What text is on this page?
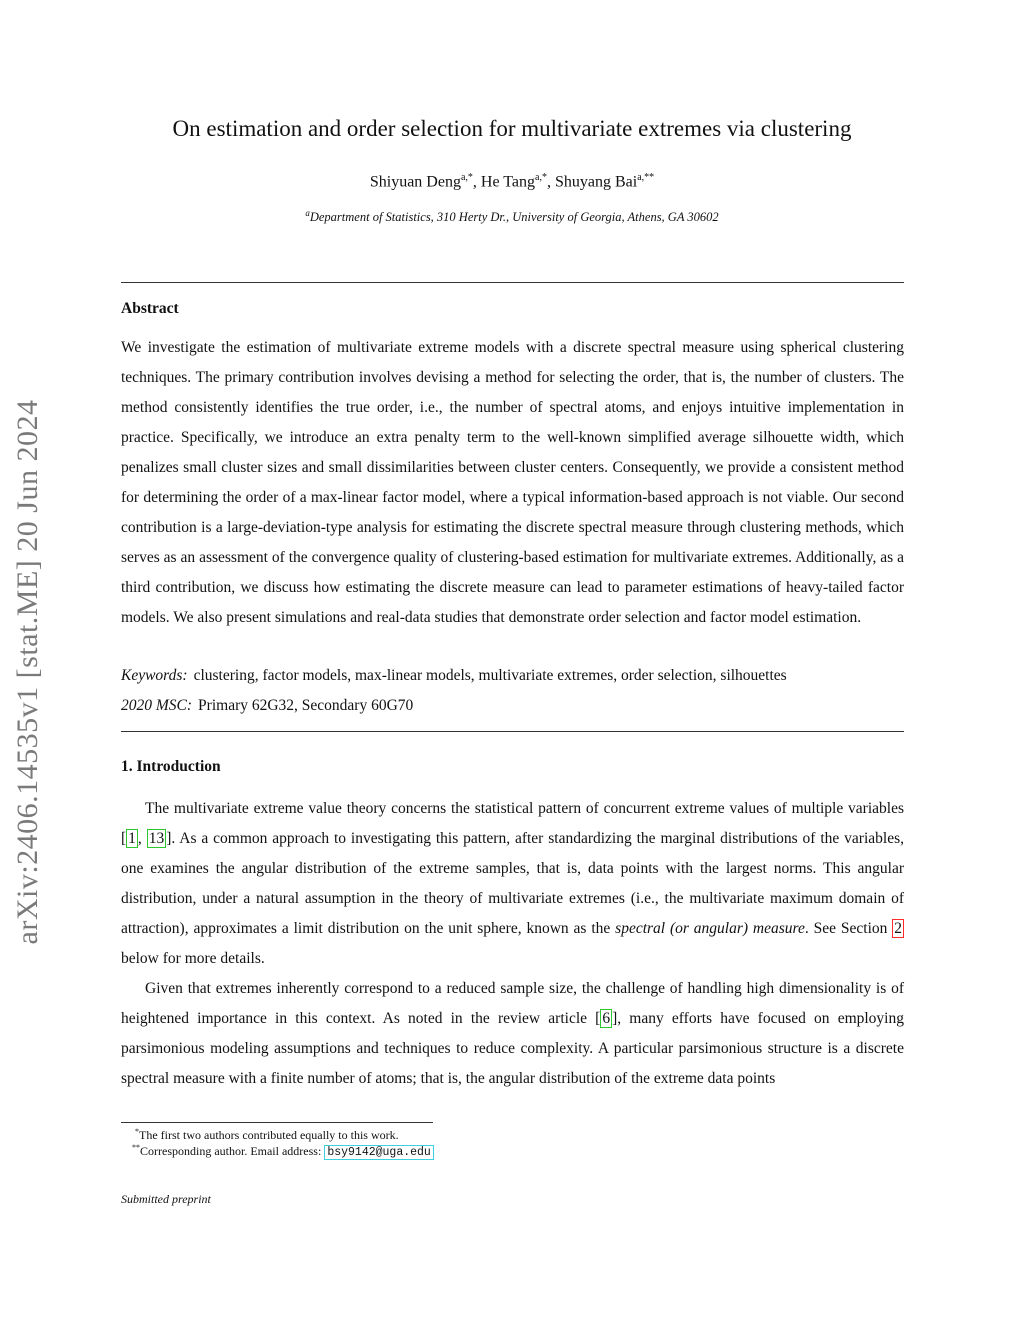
arXiv:2406.14535v1 [stat.ME] 20 Jun 2024
On estimation and order selection for multivariate extremes via clustering
Shiyuan Deng$^{a,*}$, He Tang$^{a,*}$, Shuyang Bai$^{a,**}$
$^a$Department of Statistics, 310 Herty Dr., University of Georgia, Athens, GA 30602
Abstract
We investigate the estimation of multivariate extreme models with a discrete spectral measure using spherical clustering techniques. The primary contribution involves devising a method for selecting the order, that is, the number of clusters. The method consistently identifies the true order, i.e., the number of spectral atoms, and enjoys intuitive implementation in practice. Specifically, we introduce an extra penalty term to the well-known simplified average silhouette width, which penalizes small cluster sizes and small dissimilarities between cluster centers. Consequently, we provide a consistent method for determining the order of a max-linear factor model, where a typical information-based approach is not viable. Our second contribution is a large-deviation-type analysis for estimating the discrete spectral measure through clustering methods, which serves as an assessment of the convergence quality of clustering-based estimation for multivariate extremes. Additionally, as a third contribution, we discuss how estimating the discrete measure can lead to parameter estimations of heavy-tailed factor models. We also present simulations and real-data studies that demonstrate order selection and factor model estimation.
Keywords: clustering, factor models, max-linear models, multivariate extremes, order selection, silhouettes
2020 MSC: Primary 62G32, Secondary 60G70
1. Introduction
The multivariate extreme value theory concerns the statistical pattern of concurrent extreme values of multiple variables [ 1 , 13 ]. As a common approach to investigating this pattern, after standardizing the marginal distributions of the variables, one examines the angular distribution of the extreme samples, that is, data points with the largest norms. This angular distribution, under a natural assumption in the theory of multivariate extremes (i.e., the multivariate maximum domain of attraction), approximates a limit distribution on the unit sphere, known as the spectral (or angular) measure. See Section 2 below for more details.
Given that extremes inherently correspond to a reduced sample size, the challenge of handling high dimensionality is of heightened importance in this context. As noted in the review article [ 6 ], many efforts have focused on employing parsimonious modeling assumptions and techniques to reduce complexity. A particular parsimonious structure is a discrete spectral measure with a finite number of atoms; that is, the angular distribution of the extreme data points
*The first two authors contributed equally to this work.
**Corresponding author. Email address: bsy9142@uga.edu
Submitted preprint
